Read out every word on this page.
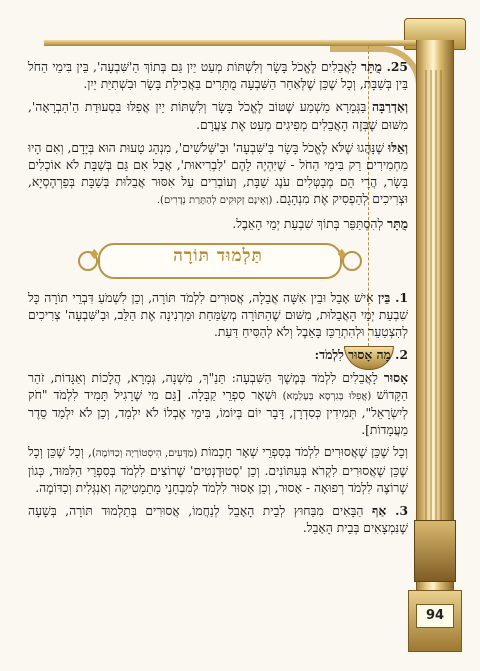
94

25. מֻתָּר לָאֲבֵלִים לֶאֱכֹל בָּשָׂר וְלִשְׁתּוֹת מְעַט יַיִן גַּם בְּתוֹךְ הַ'שִּׁבְעָה', בֵּין בִּימֵי הַחֹל בֵּין בְּשַׁבָּת, וְכָל שֶׁכֵּן שֶׁלְּאַחַר הַשִּׁבְעָה מֻתָּרִים בַּאֲכִילַת בָּשָׂר וּבִשְׁתִיַּת יַיִן.

וְאַדְרַבָּה בַּגְּמָרָא מַשְׁמַע שֶׁטּוֹב לֶאֱכֹל בָּשָׂר וְלִשְׁתּוֹת יַיִן אֲפִלּוּ בִּסְעוּדַת הַ'הַבְרָאָה', מִשּׁוּם שֶׁבְּזֶה הָאֲבֵלִים מְפִיגִים מְעַט אֶת צַעֲרָם.

וְאֵלּוּ שֶׁנָּהֲגוּ שֶׁלֹּא לֶאֱכֹל בָּשָׂר בַּ'שִּׁבְעָה' וּבַ'שְּׁלֹשִׁים', מִנְהָג טָעוּת הוּא בְּיָדָם, וְאִם הָיוּ מַחְמִירִים רַק בִּימֵי הַחֹל - שֶׁיִּהְיֶה לָהֶם 'לִבְרִיאוּת', אֲבָל אִם גַּם בְּשַׁבָּת לֹא אוֹכְלִים בָּשָׂר, הֲרֵי הֵם מְבַטְּלִים עֹנֶג שַׁבָּת, וְעוֹבְרִים עַל אִסּוּר אֲבֵלוּת בְּשַׁבָּת בְּפַרְהֶסְיָא, וּצְרִיכִים לְהַפְסִיק אֶת מִנְהָגָם. (וְאֵינָם זְקוּקִים לְהַתָּרַת נְדָרִים).

מֻתָּר לְהִסְתַּפֵּר בְּתוֹךְ שִׁבְעַת יְמֵי הָאֵבֶל.

♦	♦
תַּלְמוּד תּוֹרָה

1. בֵּין אִישׁ אָבֵל וּבֵין אִשָּׁה אֲבֵלָה, אֲסוּרִים לִלְמֹד תּוֹרָה, וְכֵן לִשְׁמֹעַ דִּבְרֵי תוֹרָה כָּל שִׁבְעַת יְמֵי הָאֲבֵלוּת, מִשּׁוּם שֶׁהַתּוֹרָה מְשַׂמַּחַת וּמַרְנִינָה אֶת הַלֵּב, וּבַ'שִּׁבְעָה' צְרִיכִים לְהִצְטַעֵר וּלְהִתְרַכֵּז בָּאֵבֶל וְלֹא לְהַסִּיחַ דַּעַת.

2. מָה אָסוּר לִלְמֹד:

אָסוּר לָאֲבֵלִים לִלְמֹד בְּמֶשֶׁךְ הַשִּׁבְעָה: תַּנַ"ךְ, מִשְׁנָה, גְּמָרָא, הֲלָכוֹת וְאַגָּדוֹת, זֹהַר הַקָּדוֹשׁ (אֲפִלּוּ בְּגִרְסָא בְּעָלְמָא) וּשְׁאָר סִפְרֵי קַבָּלָה. [גַּם מִי שֶׁרָגִיל תָּמִיד לִלְמֹד "חֹק לְיִשְׂרָאֵל", תְּמִידִין כְּסִדְרָן, דָּבָר יוֹם בְּיוֹמוֹ, בִּימֵי אֶבְלוֹ לֹא יִלְמַד, וְכֵן לֹא יִלְמַד סֵדֶר מַעֲמָדוֹת].

וְכָל שֶׁכֵּן שֶׁאֲסוּרִים לִלְמֹד בְּסִפְרֵי שְׁאָר חָכְמוֹת (מַדָּעִים, הִיסְטוֹרְיָה וְכַדּוֹמֶה), וְכָל שֶׁכֵּן וְכָל שֶׁכֵּן שֶׁאֲסוּרִים לִקְרֹא בְּעִתּוֹנִים. וְכֵן 'סְטוּדֶנְטִים' שֶׁרוֹצִים לִלְמֹד בְּסִפְרֵי הַלִּמּוּד, כְּגוֹן שֶׁרוֹצֶה לִלְמֹד רְפוּאָה - אָסוּר, וְכֵן אָסוּר לִלְמֹד לְמִבְחָנֵי מָתֵמָטִיקָה וְאַנְגְּלִית וְכַדּוֹמֶה.

3. אַף הַבָּאִים מִבַּחוּץ לְבֵית הָאָבֵל לְנַחֲמוֹ, אֲסוּרִים בְּתַלְמוּד תּוֹרָה, בְּשָׁעָה שֶׁנִּמְצָאִים בְּבֵית הָאָבֵל.
